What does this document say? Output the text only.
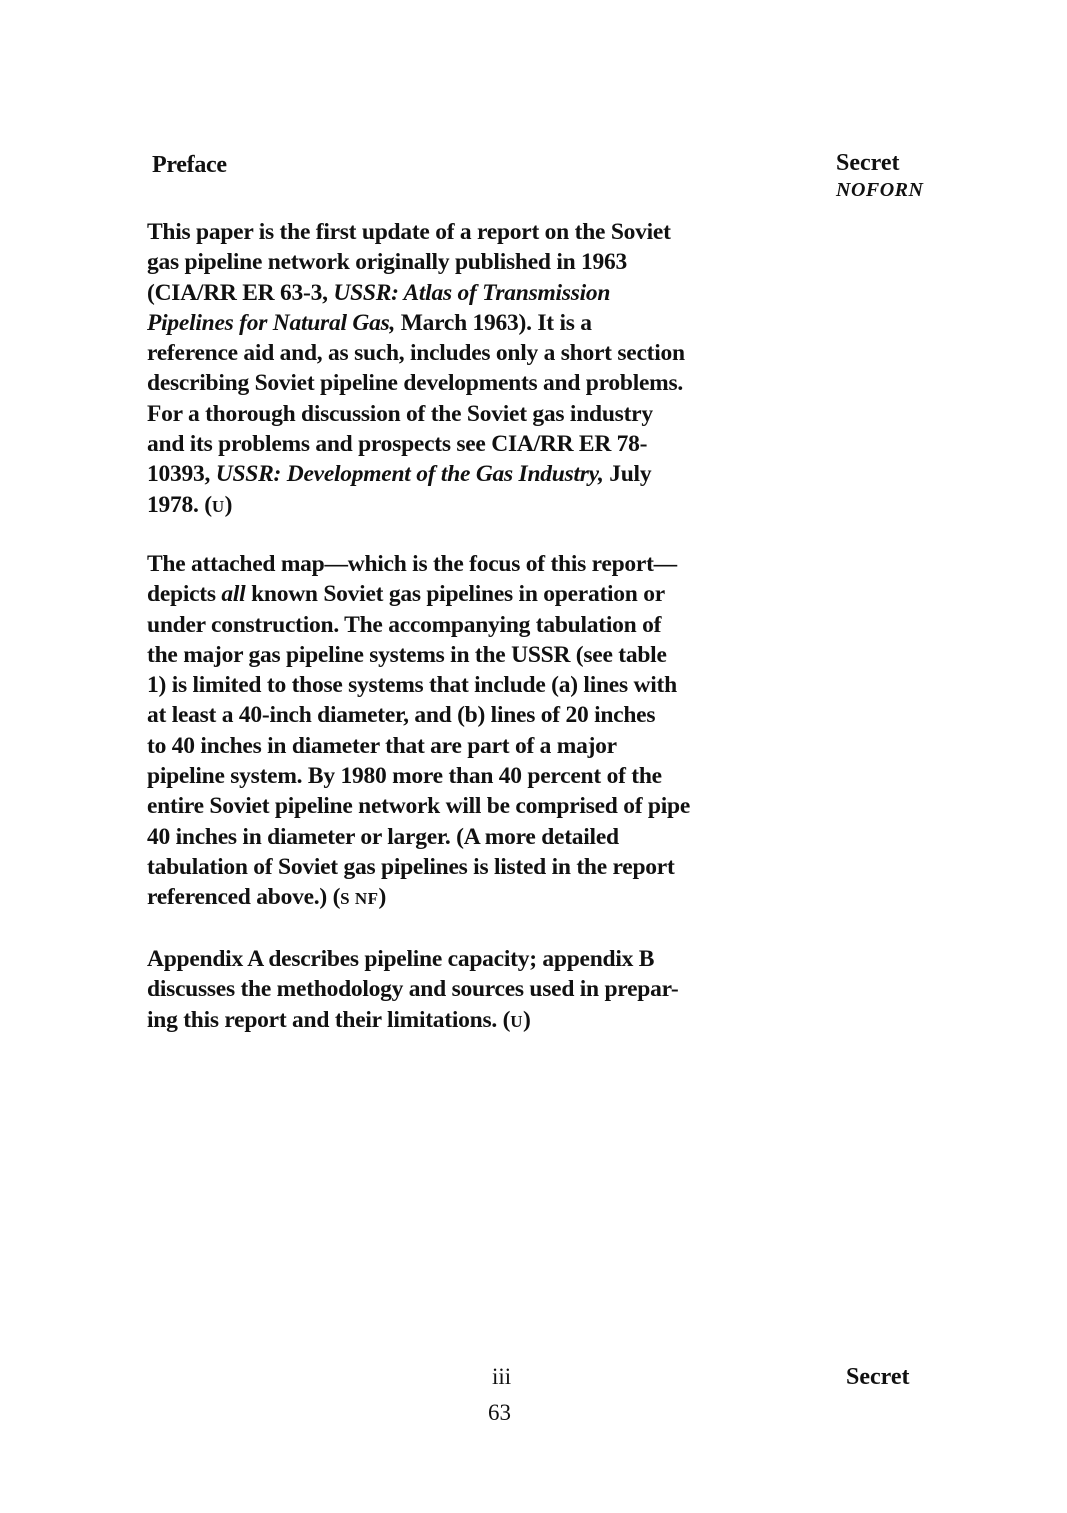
Preface	Secret
NOFORN
This paper is the first update of a report on the Soviet
gas pipeline network originally published in 1963
(CIA/RR ER 63-3, USSR: Atlas of Transmission
Pipelines for Natural Gas, March 1963). It is a
reference aid and, as such, includes only a short section
describing Soviet pipeline developments and problems.
For a thorough discussion of the Soviet gas industry
and its problems and prospects see CIA/RR ER 78-
10393, USSR: Development of the Gas Industry, July
1978. (U)
The attached map—which is the focus of this report—
depicts all known Soviet gas pipelines in operation or
under construction. The accompanying tabulation of
the major gas pipeline systems in the USSR (see table
1) is limited to those systems that include (a) lines with
at least a 40-inch diameter, and (b) lines of 20 inches
to 40 inches in diameter that are part of a major
pipeline system. By 1980 more than 40 percent of the
entire Soviet pipeline network will be comprised of pipe
40 inches in diameter or larger. (A more detailed
tabulation of Soviet gas pipelines is listed in the report
referenced above.) (S NF)
Appendix A describes pipeline capacity; appendix B
discusses the methodology and sources used in prepar-
ing this report and their limitations. (U)
iii
63
Secret
